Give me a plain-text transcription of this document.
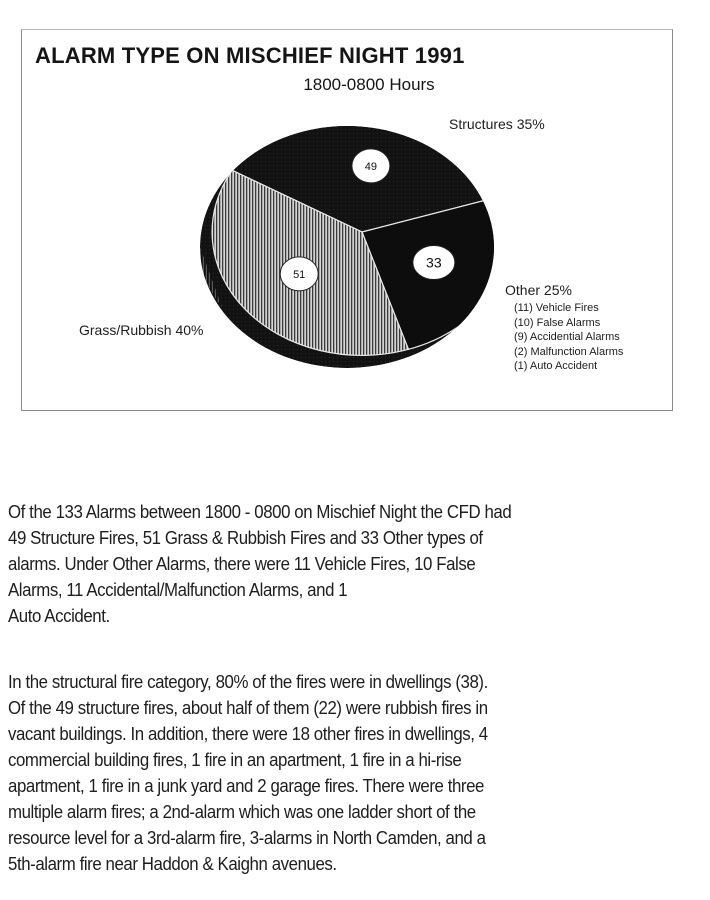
ALARM TYPE ON MISCHIEF NIGHT 1991
1800-0800 Hours
49
33
51
Structures 35%
Other 25%
Grass/Rubbish 40%
(11) Vehicle Fires
(10) False Alarms
(9) Accidential Alarms
(2) Malfunction Alarms
(1) Auto Accident
Of the 133 Alarms between 1800 - 0800 on Mischief Night the CFD had
49 Structure Fires, 51 Grass & Rubbish Fires and 33 Other types of
alarms. Under Other Alarms, there were 11 Vehicle Fires, 10 False
Alarms, 11 Accidental/Malfunction Alarms, and 1
Auto Accident.
In the structural fire category, 80% of the fires were in dwellings (38).
Of the 49 structure fires, about half of them (22) were rubbish fires in
vacant buildings. In addition, there were 18 other fires in dwellings, 4
commercial building fires, 1 fire in an apartment, 1 fire in a hi-rise
apartment, 1 fire in a junk yard and 2 garage fires. There were three
multiple alarm fires; a 2nd-alarm which was one ladder short of the
resource level for a 3rd-alarm fire, 3-alarms in North Camden, and a
5th-alarm fire near Haddon & Kaighn avenues.
